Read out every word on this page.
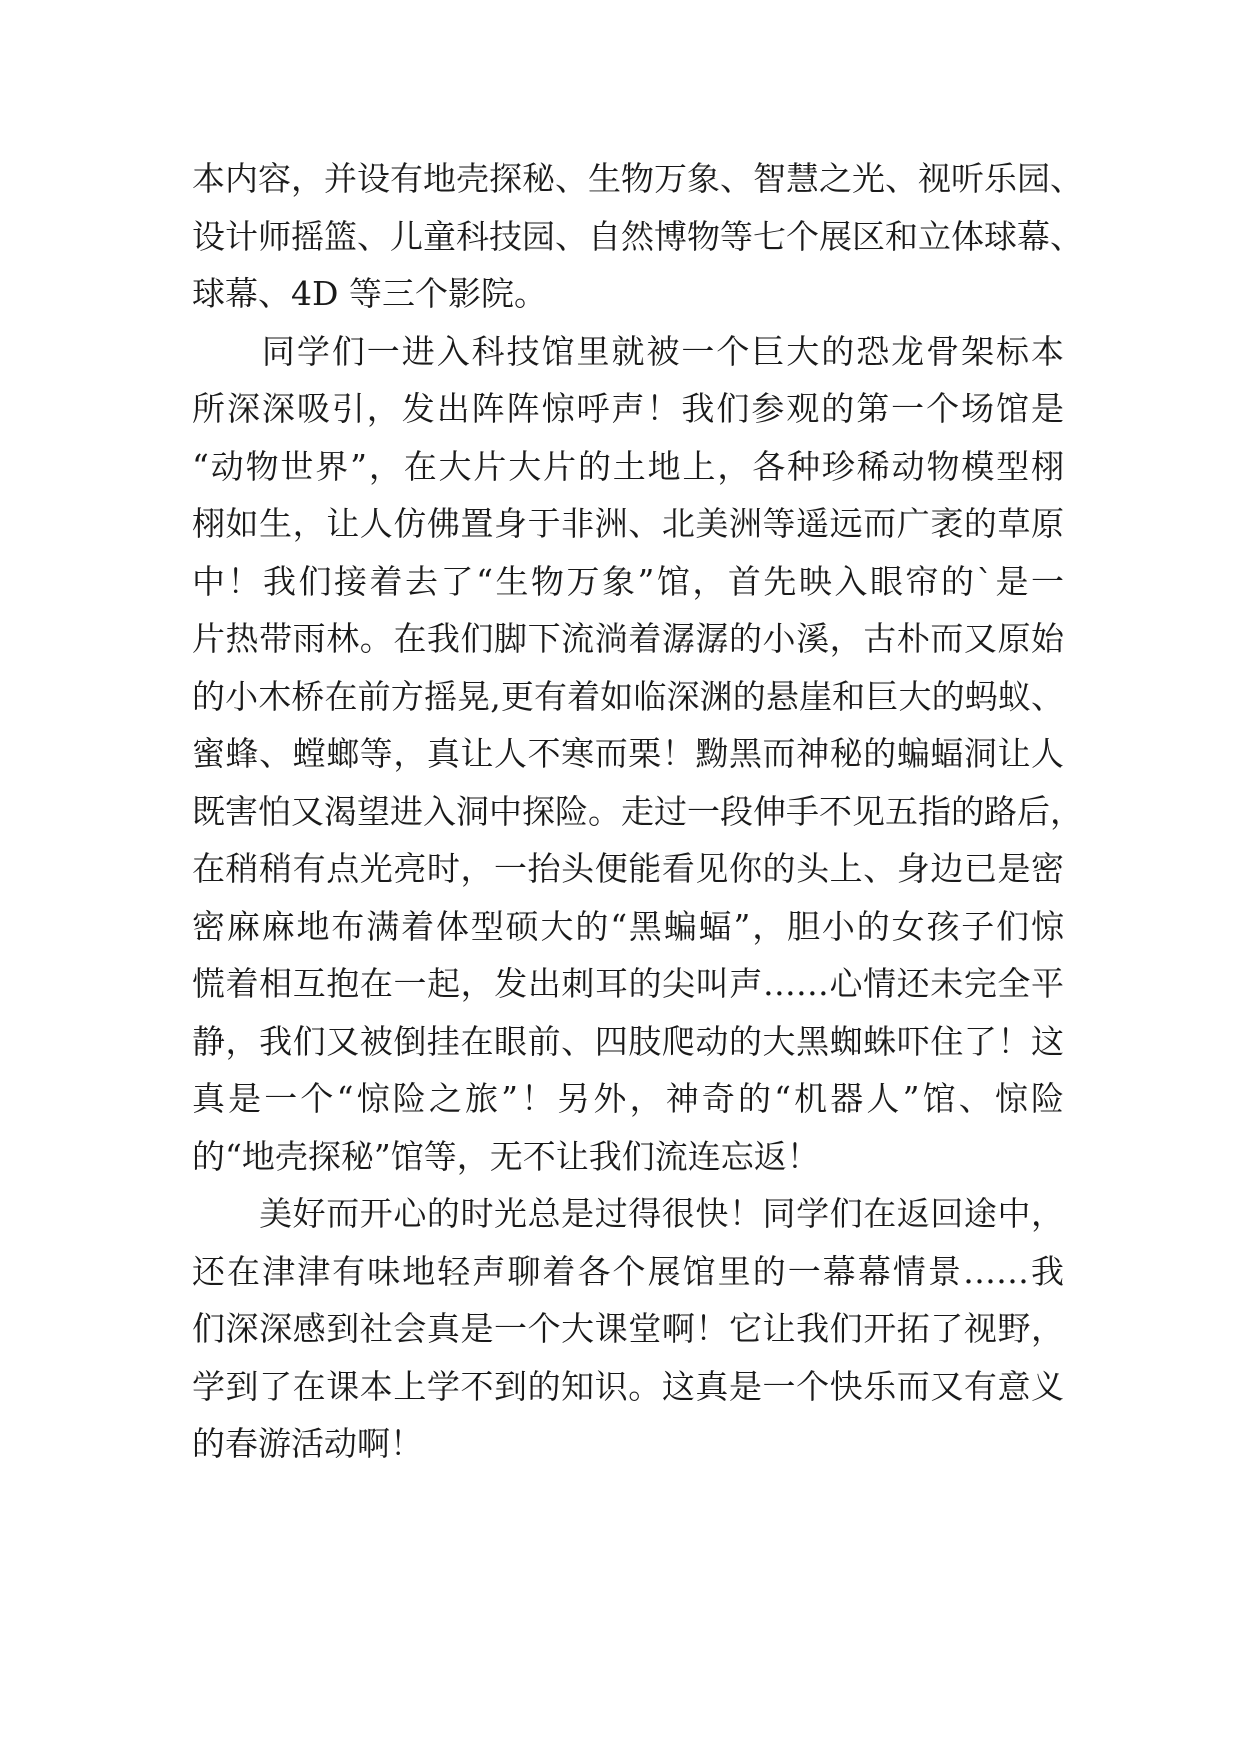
本内容，并设有地壳探秘、生物万象、智慧之光、视听乐园、
设计师摇篮、儿童科技园、自然博物等七个展区和立体球幕、
球幕、4D 等三个影院。
　　同学们一进入科技馆里就被一个巨大的恐龙骨架标本
所深深吸引，发出阵阵惊呼声！我们参观的第一个场馆是
“动物世界”，在大片大片的土地上，各种珍稀动物模型栩
栩如生，让人仿佛置身于非洲、北美洲等遥远而广袤的草原
中！我们接着去了“生物万象”馆，首先映入眼帘的`是一
片热带雨林。在我们脚下流淌着潺潺的小溪，古朴而又原始
的小木桥在前方摇晃,更有着如临深渊的悬崖和巨大的蚂蚁、
蜜蜂、螳螂等，真让人不寒而栗！黝黑而神秘的蝙蝠洞让人
既害怕又渴望进入洞中探险。走过一段伸手不见五指的路后，
在稍稍有点光亮时，一抬头便能看见你的头上、身边已是密
密麻麻地布满着体型硕大的“黑蝙蝠”，胆小的女孩子们惊
慌着相互抱在一起，发出刺耳的尖叫声……心情还未完全平
静，我们又被倒挂在眼前、四肢爬动的大黑蜘蛛吓住了！这
真是一个“惊险之旅”！另外，神奇的“机器人”馆、惊险
的“地壳探秘”馆等，无不让我们流连忘返！
　　美好而开心的时光总是过得很快！同学们在返回途中，
还在津津有味地轻声聊着各个展馆里的一幕幕情景……我
们深深感到社会真是一个大课堂啊！它让我们开拓了视野，
学到了在课本上学不到的知识。这真是一个快乐而又有意义
的春游活动啊！
